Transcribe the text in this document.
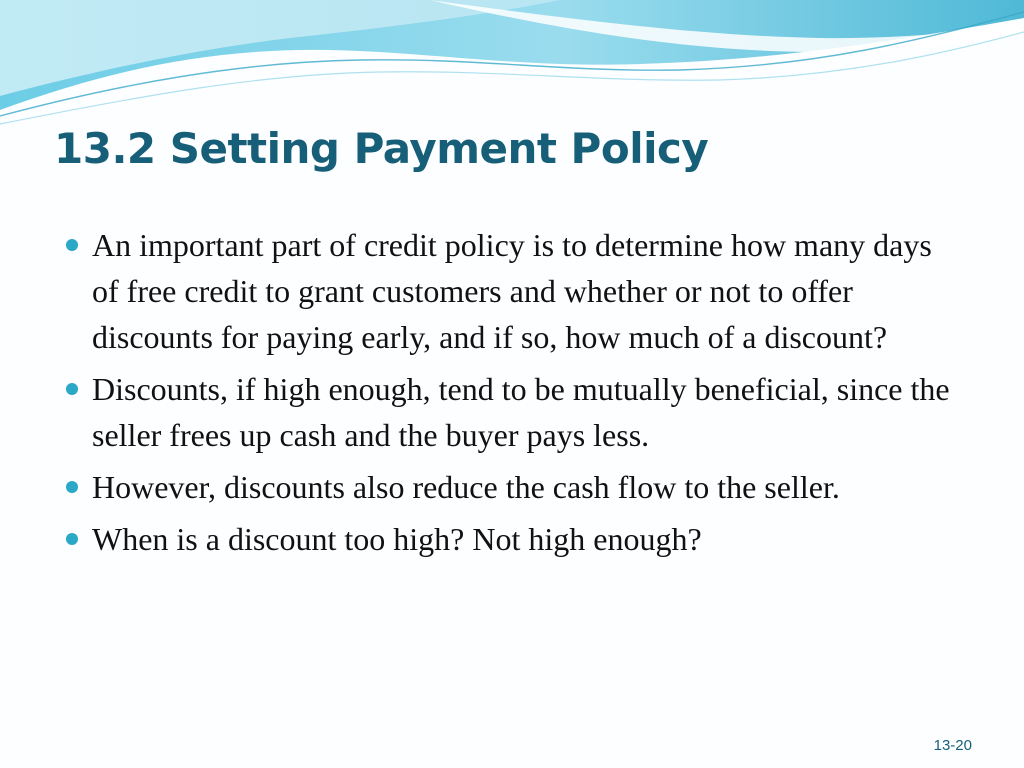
13.2 Setting Payment Policy
An important part of credit policy is to determine how many days of free credit to grant customers and whether or not to offer discounts for paying early, and if so, how much of a discount?
Discounts, if high enough, tend to be mutually beneficial, since the seller frees up cash and the buyer pays less.
However, discounts also reduce the cash flow to the seller.
When is a discount too high? Not high enough?
13-20
